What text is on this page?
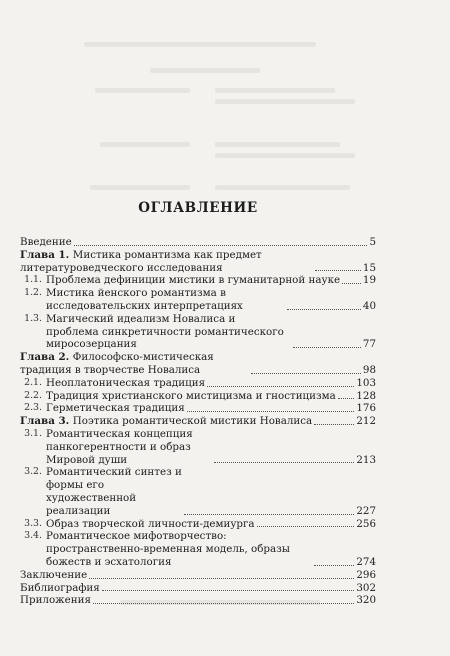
ОГЛАВЛЕНИЕ
Введение	5
Глава 1. Мистика романтизма как предмет литературоведческого исследования	15
1.1. Проблема дефиниции мистики в гуманитарной науке 19
1.2. Мистика йенского романтизма в исследовательских интерпретациях	40
1.3. Магический идеализм Новалиса и проблема синкретичности романтического миросозерцания	77
Глава 2. Философско-мистическая традиция в творчестве Новалиса	98
2.1. Неоплатоническая традиция	103
2.2. Традиция христианского мистицизма и гностицизма 128
2.3. Герметическая традиция	176
Глава 3. Поэтика романтической мистики Новалиса	212
3.1. Романтическая концепция панкогерентности и образ Мировой души	213
3.2. Романтический синтез и формы его художественной реализации	227
3.3. Образ творческой личности-демиурга	256
3.4. Романтическое мифотворчество: пространственно-временная модель, образы божеств и эсхатология	274
Заключение	296
Библиография	302
Приложения	320
